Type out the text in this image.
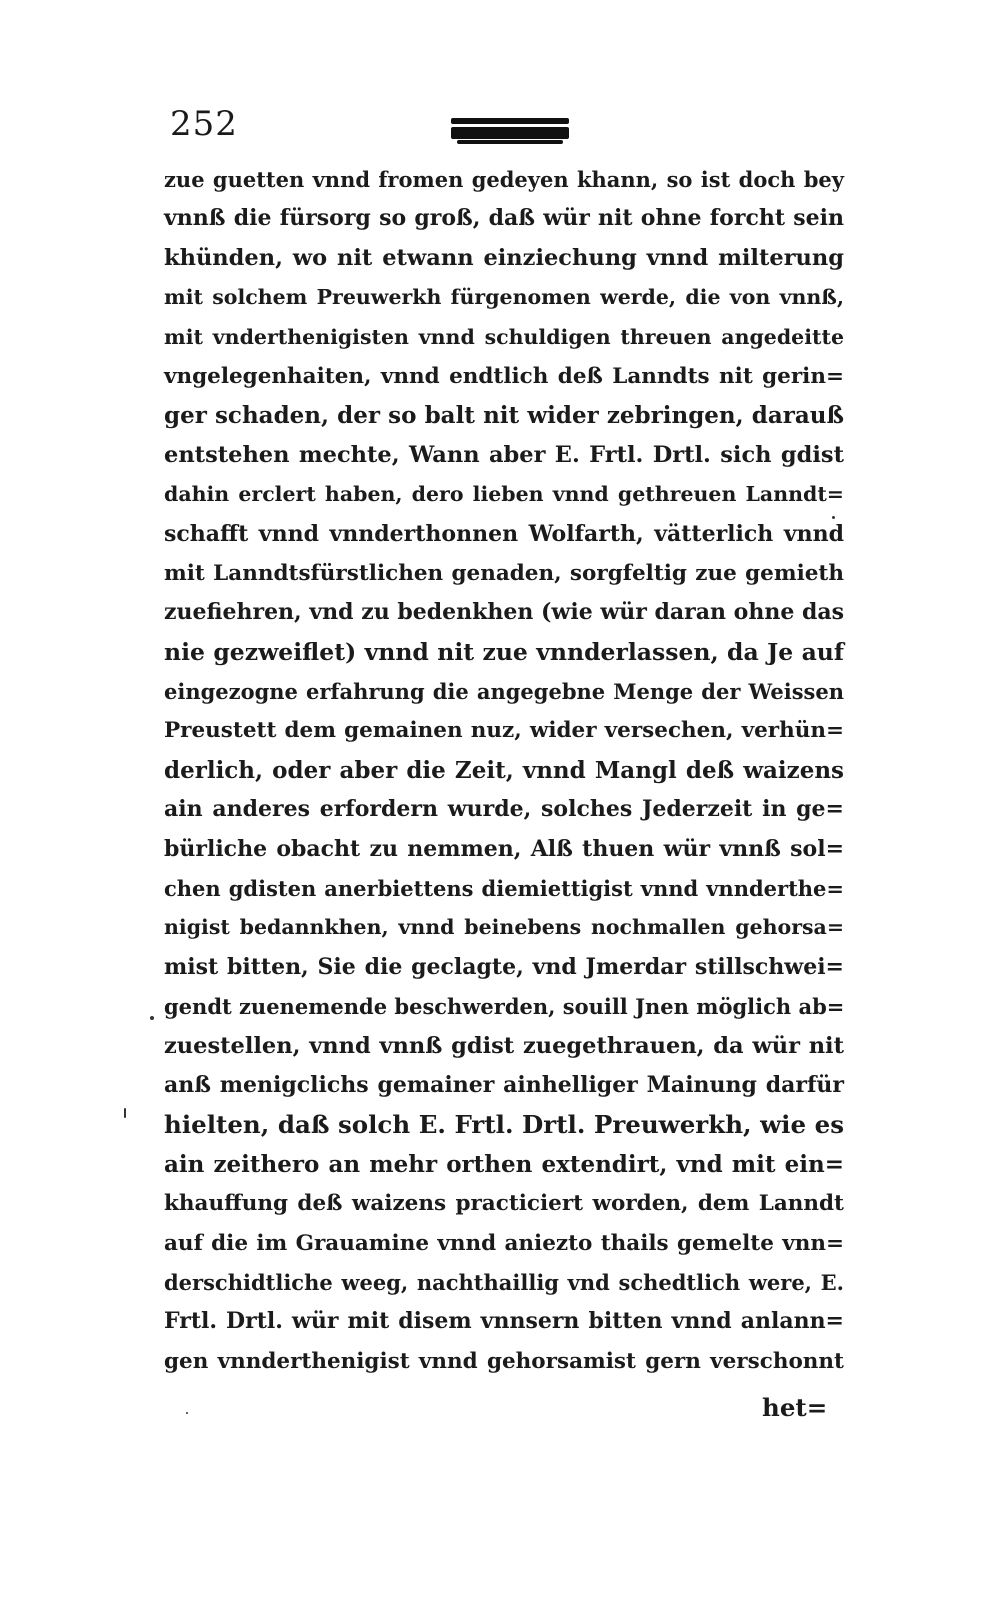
252
zue guetten vnnd fromen gedeyen khann, so ist doch bey
vnnß die fürsorg so groß, daß wür nit ohne forcht sein
khünden, wo nit etwann einziechung vnnd milterung
mit solchem Preuwerkh fürgenomen werde, die von vnnß,
mit vnderthenigisten vnnd schuldigen threuen angedeitte
vngelegenhaiten, vnnd endtlich deß Lanndts nit gerin=
ger schaden, der so balt nit wider zebringen, darauß
entstehen mechte, Wann aber E. Frtl. Drtl. sich gdist
dahin erclert haben, dero lieben vnnd gethreuen Lanndt=
schafft vnnd vnnderthonnen Wolfarth, vätterlich vnnd
mit Lanndtsfürstlichen genaden, sorgfeltig zue gemieth
zuefiehren, vnd zu bedenkhen (wie wür daran ohne das
nie gezweiflet) vnnd nit zue vnnderlassen, da Je auf
eingezogne erfahrung die angegebne Menge der Weissen
Preustett dem gemainen nuz, wider versechen, verhün=
derlich, oder aber die Zeit, vnnd Mangl deß waizens
ain anderes erfordern wurde, solches Jederzeit in ge=
bürliche obacht zu nemmen, Alß thuen wür vnnß sol=
chen gdisten anerbiettens diemiettigist vnnd vnnderthe=
nigist bedannkhen, vnnd beinebens nochmallen gehorsa=
mist bitten, Sie die geclagte, vnd Jmerdar stillschwei=
gendt zuenemende beschwerden, souill Jnen möglich ab=
zuestellen, vnnd vnnß gdist zuegethrauen, da wür nit
anß menigclichs gemainer ainhelliger Mainung darfür
hielten, daß solch E. Frtl. Drtl. Preuwerkh, wie es
ain zeithero an mehr orthen extendirt, vnd mit ein=
khauffung deß waizens practiciert worden, dem Lanndt
auf die im Grauamine vnnd aniezto thails gemelte vnn=
derschidtliche weeg, nachthaillig vnd schedtlich were, E.
Frtl. Drtl. wür mit disem vnnsern bitten vnnd anlann=
gen vnnderthenigist vnnd gehorsamist gern verschonnt
het=
